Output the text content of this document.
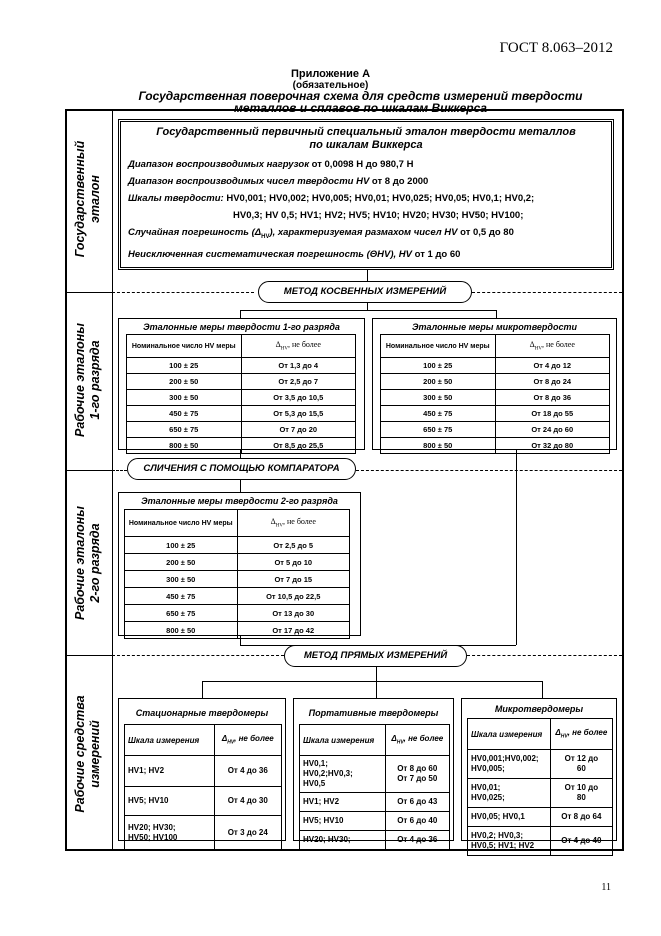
ГОСТ 8.063–2012
Приложение А
(обязательное)
Государственная поверочная схема для средств измерений твердости
металлов и сплавов по шкалам Виккерса
Государственный
эталон
Рабочие эталоны
1-го разряда
Рабочие эталоны
2-го разряда
Рабочие средства
измерений
Государственный первичный специальный эталон твердости металлов
по шкалам Виккерса
Диапазон воспроизводимых нагрузок от 0,0098 Н до 980,7 Н
Диапазон воспроизводимых чисел твердости HV от 8 до 2000
Шкалы твердости: HV0,001; HV0,002; HV0,005; HV0,01; HV0,025; HV0,05; HV0,1; HV0,2;
HV0,3; HV 0,5; HV1; HV2; HV5; HV10; HV20; HV30; HV50; HV100;
Случайная погрешность $(\Delta_{HV})$, характеризуемая размахом чисел HV от 0,5 до 80
Неисключенная систематическая погрешность (ΘHV), HV от 1 до 60
МЕТОД КОСВЕННЫХ ИЗМЕРЕНИЙ
Эталонные меры твердости 1-го разряда
Номинальное число HV меры	$\Delta_{HV}$, не более
100 ± 25	От 1,3 до 4
200 ± 50	От 2,5 до 7
300 ± 50	От 3,5 до 10,5
450 ± 75	От 5,3 до 15,5
650 ± 75	От 7 до 20
800 ± 50	От 8,5 до 25,5
Эталонные меры микротвердости
Номинальное число HV меры	$\Delta_{HV}$, не более
100 ± 25	От 4 до 12
200 ± 50	От 8 до 24
300 ± 50	От 8 до 36
450 ± 75	От 18 до 55
650 ± 75	От 24 до 60
800 ± 50	От 32 до 80
СЛИЧЕНИЯ С ПОМОЩЬЮ КОМПАРАТОРА
Эталонные меры твердости 2-го разряда
Номинальное число HV меры	$\Delta_{HV}$, не более
100 ± 25	От 2,5 до 5
200 ± 50	От 5 до 10
300 ± 50	От 7 до 15
450 ± 75	От 10,5 до 22,5
650 ± 75	От 13 до 30
800 ± 50	От 17 до 42
МЕТОД ПРЯМЫХ ИЗМЕРЕНИЙ
Стационарные твердомеры
Шкала измерения	$\Delta_{HV}$, не более
HV1; HV2	От 4 до 36
HV5; HV10	От 4 до 30
HV20; HV30;
HV50; HV100	От 3 до 24
Портативные твердомеры
Шкала измерения	$\Delta_{HV}$, не более
HV0,1;
HV0,2;HV0,3;
HV0,5	От 8 до 60
От 7 до 50
HV1; HV2	От 6 до 43
HV5; HV10	От 6 до 40
HV20; HV30;	От 4 до 36
Микротвердомеры
Шкала измерения	$\Delta_{HV}$, не более
HV0,001;HV0,002;
HV0,005;	От 12 до
60
HV0,01;
HV0,025;	От 10 до
80
HV0,05; HV0,1	От 8 до 64
HV0,2; HV0,3;
HV0,5; HV1; HV2	От 4 до 40
11
